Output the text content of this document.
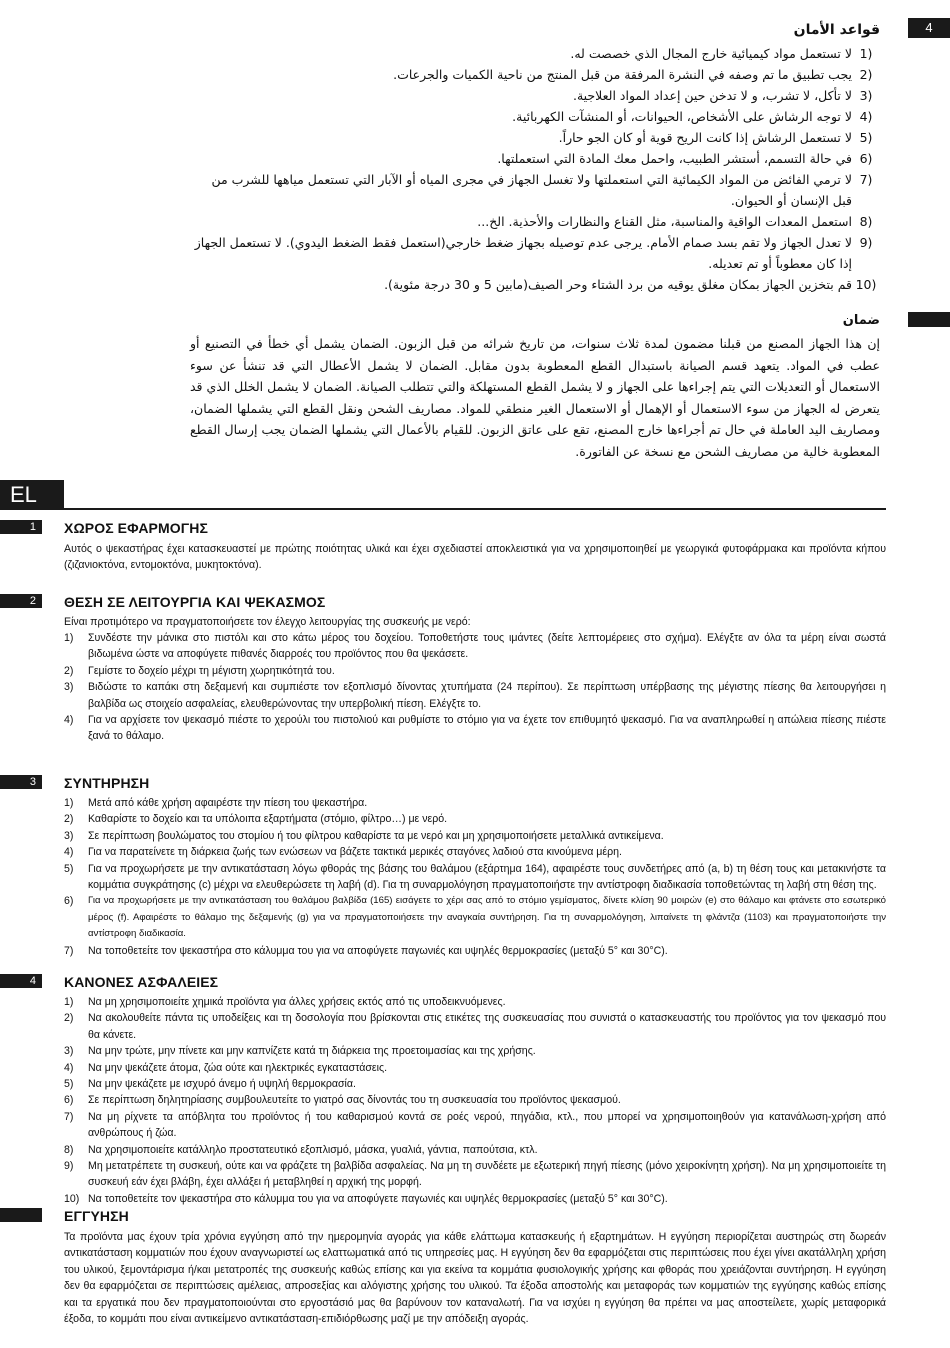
4
قواعد الأمان
1)
لا تستعمل مواد كيميائية خارج المجال الذي خصصت له.
2)
يجب تطبيق ما تم وصفه في النشرة المرفقة من قبل المنتج من ناحية الكميات والجرعات.
3)
لا تأكل، لا تشرب، و لا تدخن حين إعداد المواد العلاجية.
4)
لا توجه الرشاش على الأشخاص، الحيوانات، أو المنشآت الكهربائية.
5)
لا تستعمل الرشاش إذا كانت الريح قوية أو كان الجو حاراً.
6)
في حالة التسمم، أستشر الطبيب، واحمل معك المادة التي استعملتها.
7)
لا ترمي الفائض من المواد الكيمائية التي استعملتها ولا تغسل الجهاز في مجرى المياه أو الآبار التي تستعمل مياهها للشرب من قبل الإنسان أو الحيوان.
8)
استعمل المعدات الواقية والمناسبة، مثل القناع والنظارات والأحذية. الخ...
9)
لا تعدل الجهاز ولا تقم بسد صمام الأمام. يرجى عدم توصيله بجهاز ضغط خارجي(استعمل فقط الضغط اليدوي). لا تستعمل الجهاز إذا كان معطوباً أو تم تعديله.
10)
قم بتخزين الجهاز بمكان مغلق يوقيه من برد الشتاء وحر الصيف(مابين 5 و 30 درجة مئوية).
ضمان
إن هذا الجهاز المصنع من قبلنا مضمون لمدة ثلاث سنوات، من تاريخ شرائه من قبل الزبون. الضمان يشمل أي خطأ في التصنيع أو عطب في المواد. يتعهد قسم الصيانة باستبدال القطع المعطوبة بدون مقابل. الضمان لا يشمل الأعطال التي قد تنشأ عن سوء الاستعمال أو التعديلات التي يتم إجراءها على الجهاز و لا يشمل القطع المستهلكة والتي تتطلب الصيانة. الضمان لا يشمل الخلل الذي قد يتعرض له الجهاز من سوء الاستعمال أو الإهمال أو الاستعمال الغير منطقي للمواد. مصاريف الشحن ونقل القطع التي يشملها الضمان، ومصاريف اليد العاملة في حال تم أجراءها خارج المصنع، تقع على عاتق الزبون. للقيام بالأعمال التي يشملها الضمان يجب إرسال القطع المعطوبة خالية من مصاريف الشحن مع نسخة عن الفاتورة.
EL
1	ΧΩΡΟΣ ΕΦΑΡΜΟΓΗΣ
Αυτός ο ψεκαστήρας έχει κατασκευαστεί με πρώτης ποιότητας υλικά και έχει σχεδιαστεί αποκλειστικά για να χρησιμοποιηθεί με γεωργικά φυτοφάρμακα και προϊόντα κήπου (ζιζανιοκτόνα, εντομοκτόνα, μυκητοκτόνα).
2	ΘΕΣΗ ΣΕ ΛΕΙΤΟΥΡΓΙΑ ΚΑΙ ΨΕΚΑΣΜΟΣ
Είναι προτιμότερο να πραγματοποιήσετε τον έλεγχο λειτουργίας της συσκευής με νερό:
1)	Συνδέστε την μάνικα στο πιστόλι και στο κάτω μέρος του δοχείου. Τοποθετήστε τους ιμάντες (δείτε λεπτομέρειες στο σχήμα). Ελέγξτε αν όλα τα μέρη είναι σωστά βιδωμένα ώστε να αποφύγετε πιθανές διαρροές του προϊόντος που θα ψεκάσετε.
2)	Γεμίστε το δοχείο μέχρι τη μέγιστη χωρητικότητά του.
3)	Βιδώστε το καπάκι στη δεξαμενή και συμπιέστε τον εξοπλισμό δίνοντας χτυπήματα (24 περίπου). Σε περίπτωση υπέρβασης της μέγιστης πίεσης θα λειτουργήσει η βαλβίδα ως στοιχείο ασφαλείας, ελευθερώνοντας την υπερβολική πίεση. Ελέγξτε το.
4)	Για να αρχίσετε τον ψεκασμό πιέστε το χερούλι του πιστολιού και ρυθμίστε το στόμιο για να έχετε τον επιθυμητό ψεκασμό. Για να αναπληρωθεί η απώλεια πίεσης πιέστε ξανά το θάλαμο.
3	ΣΥΝΤΗΡΗΣΗ
1)	Μετά από κάθε χρήση αφαιρέστε την πίεση του ψεκαστήρα.
2)	Καθαρίστε το δοχείο και τα υπόλοιπα εξαρτήματα (στόμιο, φίλτρο…) με νερό.
3)	Σε περίπτωση βουλώματος του στομίου ή του φίλτρου καθαρίστε τα με νερό και μη χρησιμοποιήσετε μεταλλικά αντικείμενα.
4)	Για να παρατείνετε τη διάρκεια ζωής των ενώσεων να βάζετε τακτικά μερικές σταγόνες λαδιού στα κινούμενα μέρη.
5)	Για να προχωρήσετε με την αντικατάσταση λόγω φθοράς της βάσης του θαλάμου (εξάρτημα 164), αφαιρέστε τους συνδετήρες από (a, b) τη θέση τους και μετακινήστε τα κομμάτια συγκράτησης (c) μέχρι να ελευθερώσετε τη λαβή (d). Για τη συναρμολόγηση πραγματοποιήστε την αντίστροφη διαδικασία τοποθετώντας τη λαβή στη θέση της.
6)	Για να προχωρήσετε με την αντικατάσταση του θαλάμου βαλβίδα (165) εισάγετε το χέρι σας από το στόμιο γεμίσματος, δίνετε κλίση 90 μοιρών (e) στο θάλαμο και φτάνετε στο εσωτερικό μέρος (f). Αφαιρέστε το θάλαμο της δεξαμενής (g) για να πραγματοποιήσετε την αναγκαία συντήρηση. Για τη συναρμολόγηση, λιπαίνετε τη φλάντζα (1103) και πραγματοποιήστε την αντίστροφη διαδικασία.
7)	Να τοποθετείτε τον ψεκαστήρα στο κάλυμμα του για να αποφύγετε παγωνιές και υψηλές θερμοκρασίες (μεταξύ 5° και 30°C).
4	ΚΑΝΟΝΕΣ ΑΣΦΑΛΕΙΕΣ
1)	Να μη χρησιμοποιείτε χημικά προϊόντα για άλλες χρήσεις εκτός από τις υποδεικνυόμενες.
2)	Να ακολουθείτε πάντα τις υποδείξεις και τη δοσολογία που βρίσκονται στις ετικέτες της συσκευασίας που συνιστά ο κατασκευαστής του προϊόντος για τον ψεκασμό που θα κάνετε.
3)	Να μην τρώτε, μην πίνετε και μην καπνίζετε κατά τη διάρκεια της προετοιμασίας και της χρήσης.
4)	Να μην ψεκάζετε άτομα, ζώα ούτε και ηλεκτρικές εγκαταστάσεις.
5)	Να μην ψεκάζετε με ισχυρό άνεμο ή υψηλή θερμοκρασία.
6)	Σε περίπτωση δηλητηρίασης συμβουλευτείτε το γιατρό σας δίνοντάς του τη συσκευασία του προϊόντος ψεκασμού.
7)	Να μη ρίχνετε τα απόβλητα του προϊόντος ή του καθαρισμού κοντά σε ροές νερού, πηγάδια, κτλ., που μπορεί να χρησιμοποιηθούν για κατανάλωση-χρήση από ανθρώπους ή ζώα.
8)	Να χρησιμοποιείτε κατάλληλο προστατευτικό εξοπλισμό, μάσκα, γυαλιά, γάντια, παπούτσια, κτλ.
9)	Μη μετατρέπετε τη συσκευή, ούτε και να φράζετε τη βαλβίδα ασφαλείας. Να μη τη συνδέετε με εξωτερική πηγή πίεσης (μόνο χειροκίνητη χρήση). Να μη χρησιμοποιείτε τη συσκευή εάν έχει βλάβη, έχει αλλάξει ή μεταβληθεί η αρχική της μορφή.
10) Να τοποθετείτε τον ψεκαστήρα στο κάλυμμα του για να αποφύγετε παγωνιές και υψηλές θερμοκρασίες (μεταξύ 5° και 30°C).
ΕΓΓΥΗΣΗ
Τα προϊόντα μας έχουν τρία χρόνια εγγύηση από την ημερομηνία αγοράς για κάθε ελάττωμα κατασκευής ή εξαρτημάτων. Η εγγύηση περιορίζεται αυστηρώς στη δωρεάν αντικατάσταση κομματιών που έχουν αναγνωριστεί ως ελαττωματικά από τις υπηρεσίες μας. Η εγγύηση δεν θα εφαρμόζεται στις περιπτώσεις που έχει γίνει ακατάλληλη χρήση του υλικού, ξεμοντάρισμα ή/και μετατροπές της συσκευής καθώς επίσης και για εκείνα τα κομμάτια φυσιολογικής χρήσης και φθοράς που χρειάζονται συντήρηση. Η εγγύηση δεν θα εφαρμόζεται σε περιπτώσεις αμέλειας, απροσεξίας και αλόγιστης χρήσης του υλικού. Τα έξοδα αποστολής και μεταφοράς των κομματιών της εγγύησης καθώς επίσης και τα εργατικά που δεν πραγματοποιούνται στο εργοστάσιό μας θα βαρύνουν τον καταναλωτή. Για να ισχύει η εγγύηση θα πρέπει να μας αποστείλετε, χωρίς μεταφορικά έξοδα, το κομμάτι που είναι αντικείμενο αντικατάσταση-επιδιόρθωσης μαζί με την απόδειξη αγοράς.
